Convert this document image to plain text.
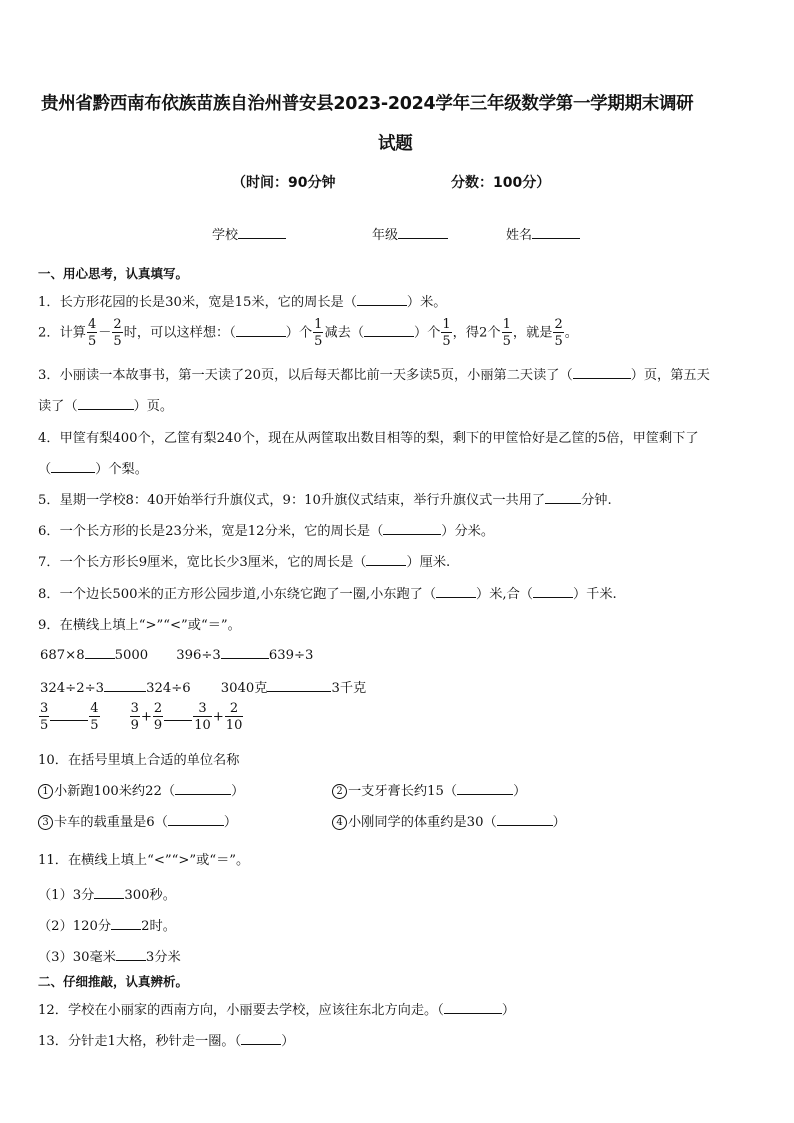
贵州省黔西南布依族苗族自治州普安县2023-2024学年三年级数学第一学期期末调研
试题
（时间：90分钟	分数：100分）
学校	年级	姓名
一、用心思考，认真填写。
1．长方形花园的长是30米，宽是15米，它的周长是（	）米。
2．计算 $\frac{4}{5} - \frac{2}{5}$ 时，可以这样想：（	）个 $\frac{1}{5}$ 减去（	）个 $\frac{1}{5}$ ，得2个 $\frac{1}{5}$ ，就是 $\frac{2}{5}$ 。
3．小丽读一本故事书，第一天读了20页，以后每天都比前一天多读5页，小丽第二天读了（	）页，第五天
读了（	）页。
4．甲筐有梨400个，乙筐有梨240个，现在从两筐取出数目相等的梨，剩下的甲筐恰好是乙筐的5倍，甲筐剩下了
（	）个梨。
5．星期一学校8：40开始举行升旗仪式，9：10升旗仪式结束，举行升旗仪式一共用了	分钟.
6．一个长方形的长是23分米，宽是12分米，它的周长是（	）分米。
7．一个长方形长9厘米，宽比长少3厘米，它的周长是（	）厘米.
8．一个边长500米的正方形公园步道,小东绕它跑了一圈,小东跑了（	）米,合（	）千米.
9．在横线上填上“>”“<”或“＝”。
687×8 5000 396÷3	639÷3
324÷2÷3	324÷6 3040克	3千克
$\frac{3}{5}$	$\frac{4}{5} \frac{3}{9} + \frac{2}{9} \frac{3}{10} + \frac{2}{10}$
10．在括号里填上合适的单位名称
1 小新跑100米约22（	）	2 一支牙膏长约15（	）
3 卡车的载重量是6（	）	4 小刚同学的体重约是30（	）
11．在横线上填上“<”“>”或“＝”。
（1）3分 300秒。
（2）120分 2时。
（3）30毫米 3分米
二、仔细推敲，认真辨析。
12．学校在小丽家的西南方向，小丽要去学校，应该往东北方向走。（	）
13．分针走1大格，秒针走一圈。（	）
